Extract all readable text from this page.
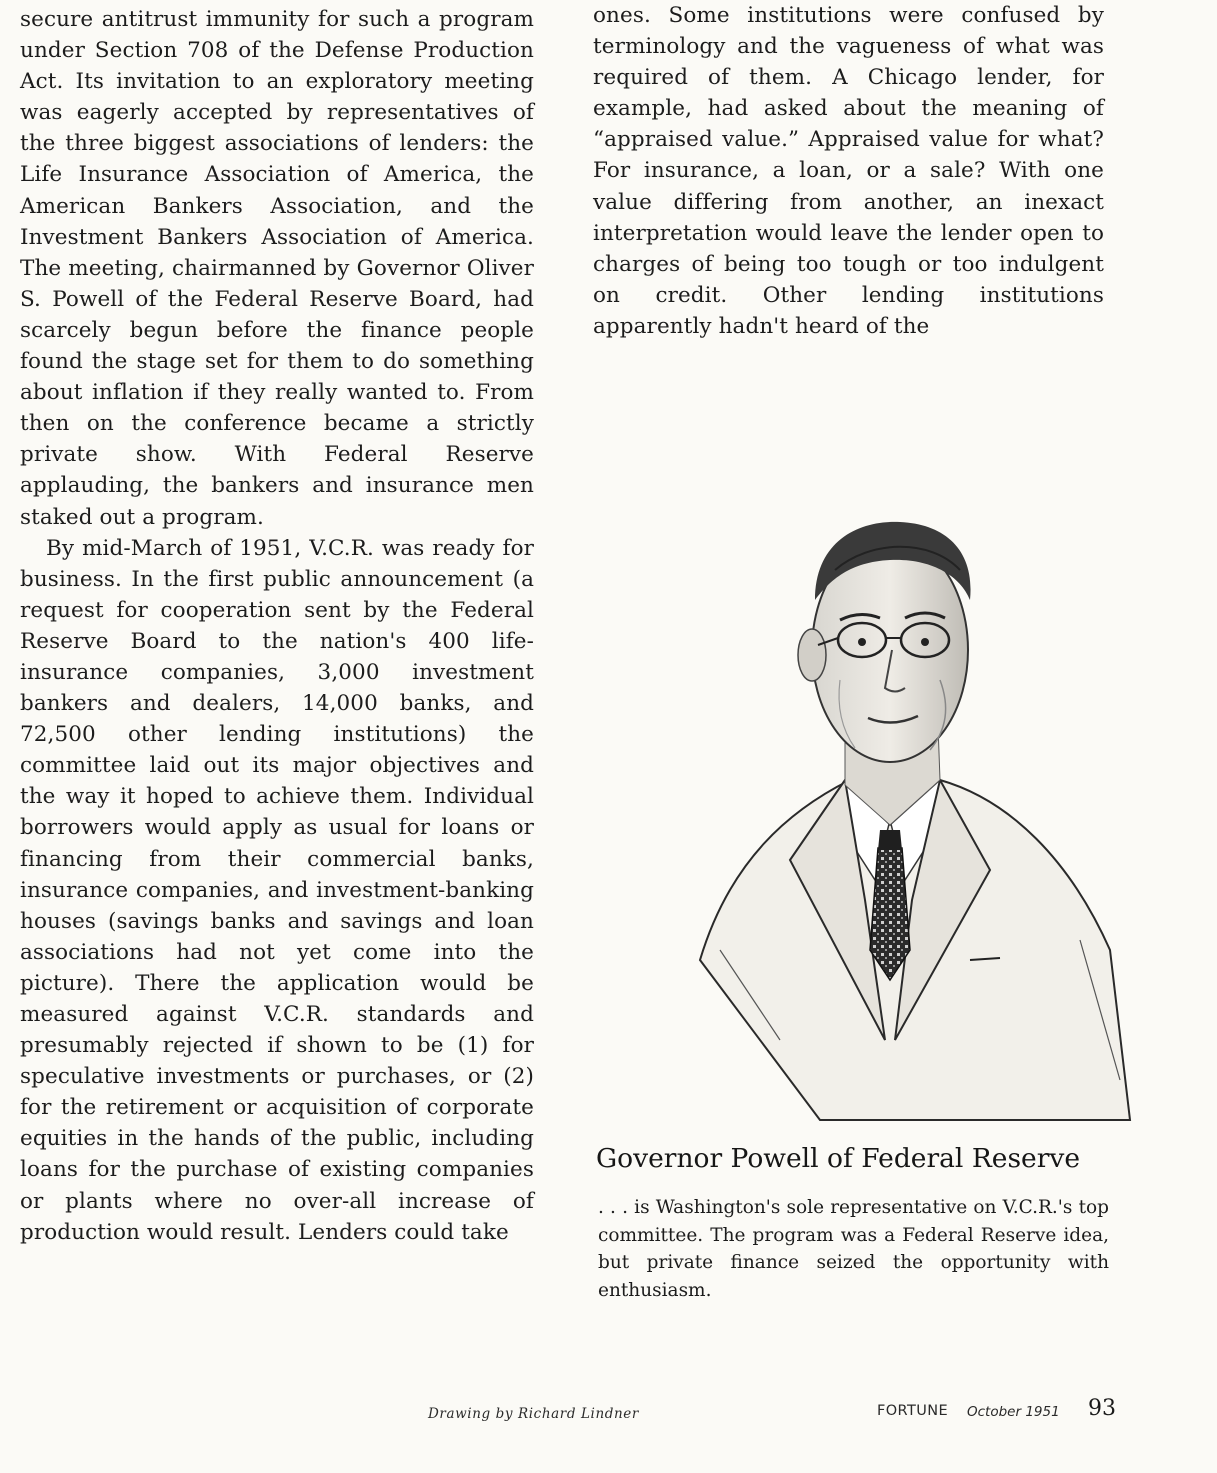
secure antitrust immunity for such a program under Section 708 of the Defense Production Act. Its invitation to an exploratory meeting was eagerly accepted by representatives of the three biggest associations of lenders: the Life Insurance Association of America, the American Bankers Association, and the Investment Bankers Association of America. The meeting, chairmanned by Governor Oliver S. Powell of the Federal Reserve Board, had scarcely begun before the finance people found the stage set for them to do something about inflation if they really wanted to. From then on the conference became a strictly private show. With Federal Reserve applauding, the bankers and insurance men staked out a program.

By mid-March of 1951, V.C.R. was ready for business. In the first public announcement (a request for cooperation sent by the Federal Reserve Board to the nation's 400 life-insurance companies, 3,000 investment bankers and dealers, 14,000 banks, and 72,500 other lending institutions) the committee laid out its major objectives and the way it hoped to achieve them. Individual borrowers would apply as usual for loans or financing from their commercial banks, insurance companies, and investment-banking houses (savings banks and savings and loan associations had not yet come into the picture). There the application would be measured against V.C.R. standards and presumably rejected if shown to be (1) for speculative investments or purchases, or (2) for the retirement or acquisition of corporate equities in the hands of the public, including loans for the purchase of existing companies or plants where no over-all increase of production would result. Lenders could take

ones. Some institutions were confused by terminology and the vagueness of what was required of them. A Chicago lender, for example, had asked about the meaning of “appraised value.” Appraised value for what? For insurance, a loan, or a sale? With one value differing from another, an inexact interpretation would leave the lender open to charges of being too tough or too indulgent on credit. Other lending institutions apparently hadn't heard of the

Governor Powell of Federal Reserve
. . . is Washington's sole representative on V.C.R.'s top committee. The program was a Federal Reserve idea, but private finance seized the opportunity with enthusiasm.
Drawing by Richard Lindner	FORTUNE October 1951 93
